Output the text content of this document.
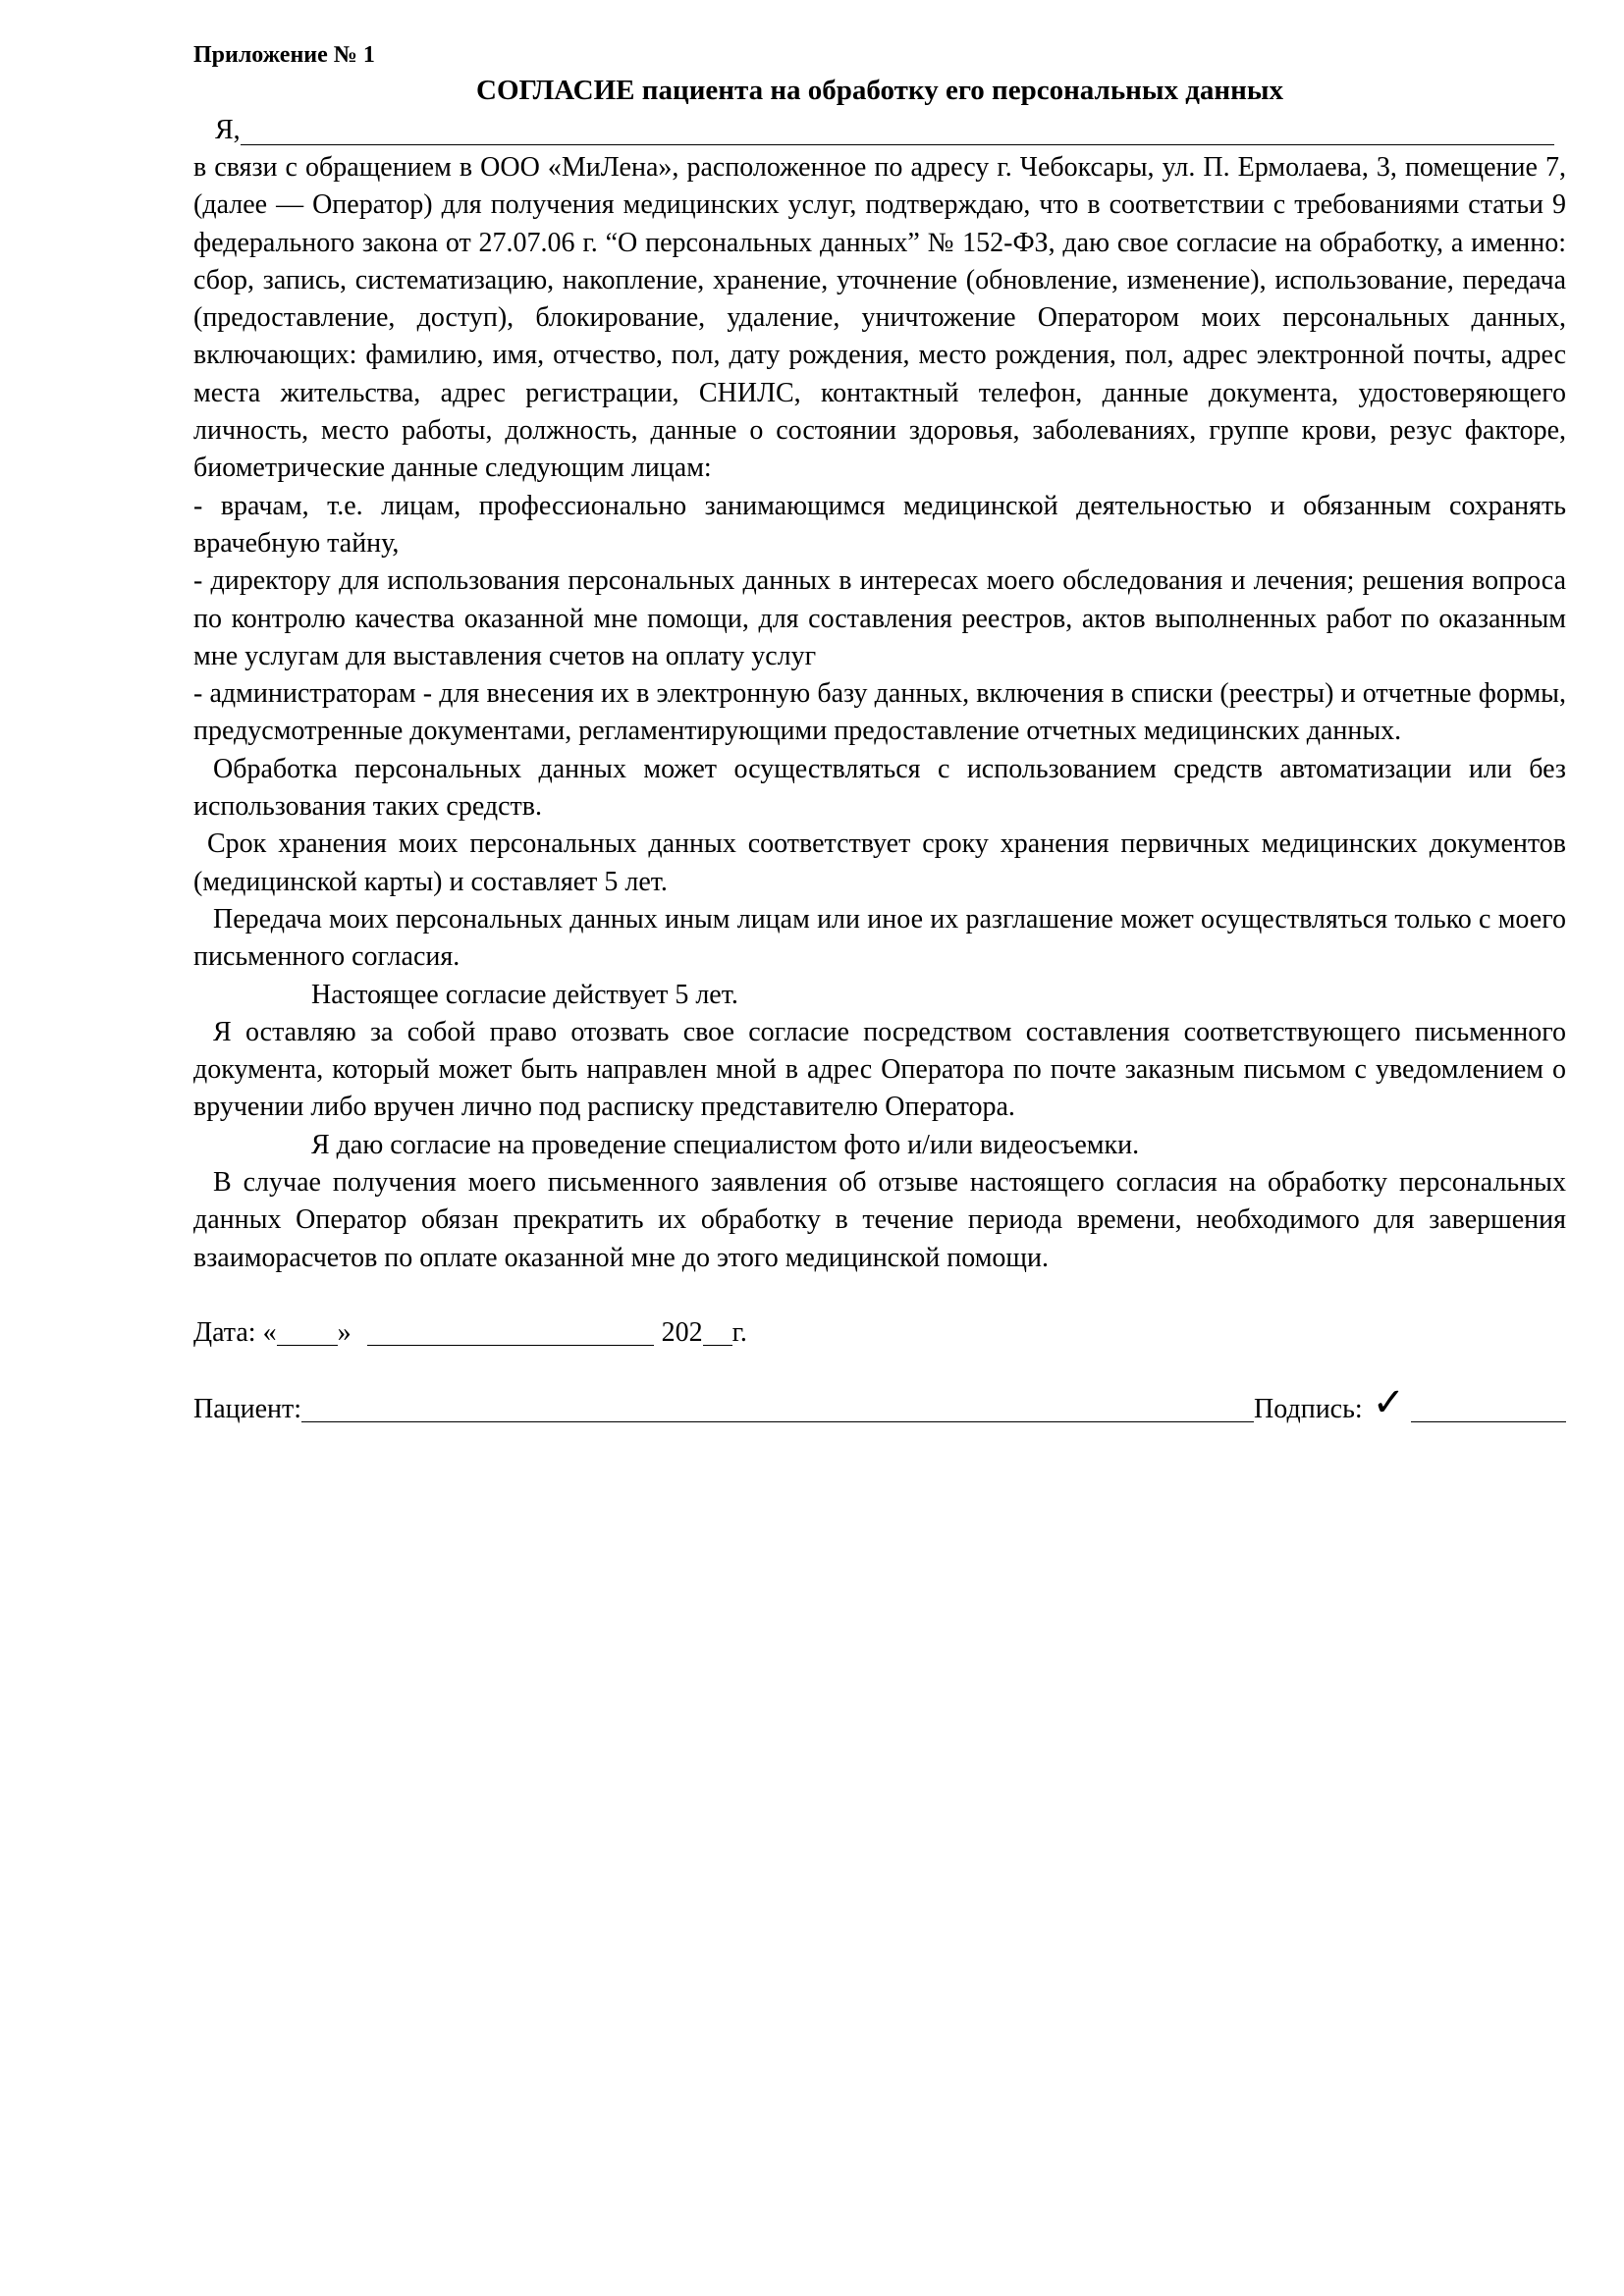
Приложение № 1
СОГЛАСИЕ пациента на обработку его персональных данных
Я,

в связи с обращением в ООО «МиЛена», расположенное по адресу г. Чебоксары, ул. П. Ермолаева, 3, помещение 7, (далее — Оператор) для получения медицинских услуг, подтверждаю, что в соответствии с требованиями статьи 9 федерального закона от 27.07.06 г. “О персональных данных” № 152-ФЗ, даю свое согласие на обработку, а именно: сбор, запись, систематизацию, накопление, хранение, уточнение (обновление, изменение), использование, передача (предоставление, доступ), блокирование, удаление, уничтожение Оператором моих персональных данных, включающих: фамилию, имя, отчество, пол, дату рождения, место рождения, пол, адрес электронной почты, адрес места жительства, адрес регистрации, СНИЛС, контактный телефон, данные документа, удостоверяющего личность, место работы, должность, данные о состоянии здоровья, заболеваниях, группе крови, резус факторе, биометрические данные следующим лицам:

- врачам, т.е. лицам, профессионально занимающимся медицинской деятельностью и обязанным сохранять врачебную тайну,

- директору для использования персональных данных в интересах моего обследования и лечения; решения вопроса по контролю качества оказанной мне помощи, для составления реестров, актов выполненных работ по оказанным мне услугам для выставления счетов на оплату услуг

- администраторам - для внесения их в электронную базу данных, включения в списки (реестры) и отчетные формы, предусмотренные документами, регламентирующими предоставление отчетных медицинских данных.

Обработка персональных данных может осуществляться с использованием средств автоматизации или без использования таких средств.

Срок хранения моих персональных данных соответствует сроку хранения первичных медицинских документов (медицинской карты) и составляет 5 лет.

Передача моих персональных данных иным лицам или иное их разглашение может осуществляться только с моего письменного согласия.

Настоящее согласие действует 5 лет.

Я оставляю за собой право отозвать свое согласие посредством составления соответствующего письменного документа, который может быть направлен мной в адрес Оператора по почте заказным письмом с уведомлением о вручении либо вручен лично под расписку представителю Оператора.

Я даю согласие на проведение специалистом фото и/или видеосъемки.

В случае получения моего письменного заявления об отзыве настоящего согласия на обработку персональных данных Оператор обязан прекратить их обработку в течение периода времени, необходимого для завершения взаиморасчетов по оплате оказанной мне до этого медицинской помощи.

Дата: « »	202 г.
Пациент:	Подпись: ✓
